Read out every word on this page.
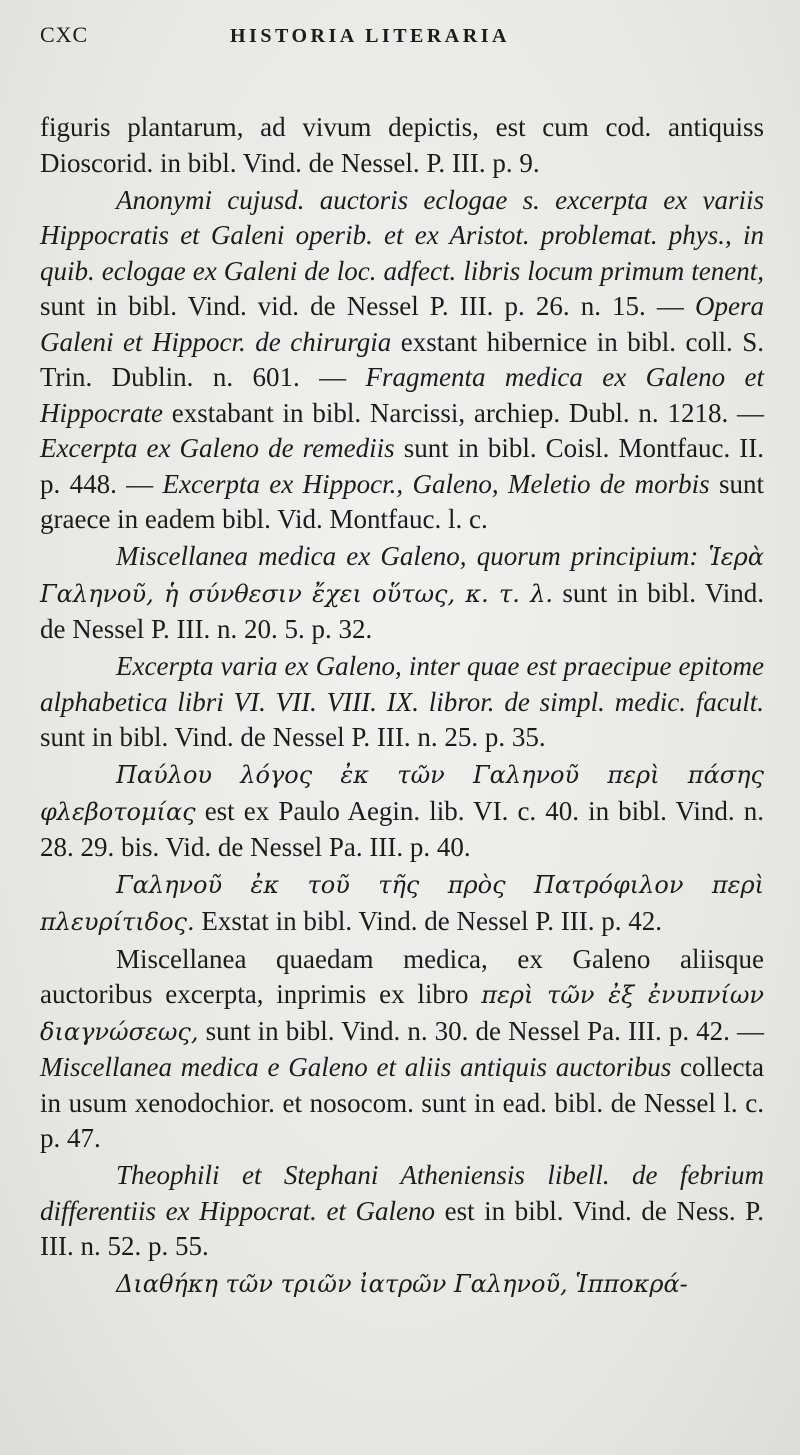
CXC	HISTORIA LITERARIA

figuris plantarum, ad vivum depictis, est cum cod. antiquiss Dioscorid. in bibl. Vind. de Nessel. P. III. p. 9.

Anonymi cujusd. auctoris eclogae s. excerpta ex variis Hippocratis et Galeni operib. et ex Aristot. problemat. phys., in quib. eclogae ex Galeni de loc. adfect. libris locum primum tenent, sunt in bibl. Vind. vid. de Nessel P. III. p. 26. n. 15. — Opera Galeni et Hippocr. de chirurgia exstant hibernice in bibl. coll. S. Trin. Dublin. n. 601. — Fragmenta medica ex Galeno et Hippocrate exstabant in bibl. Narcissi, archiep. Dubl. n. 1218. — Excerpta ex Galeno de remediis sunt in bibl. Coisl. Montfauc. II. p. 448. — Excerpta ex Hippocr., Galeno, Meletio de morbis sunt graece in eadem bibl. Vid. Montfauc. l. c.

Miscellanea medica ex Galeno, quorum principium: Ἱερὰ Γαληνοῦ, ἡ σύνθεσιν ἔχει οὕτως, κ. τ. λ. sunt in bibl. Vind. de Nessel P. III. n. 20. 5. p. 32.

Excerpta varia ex Galeno, inter quae est praecipue epitome alphabetica libri VI. VII. VIII. IX. libror. de simpl. medic. facult. sunt in bibl. Vind. de Nessel P. III. n. 25. p. 35.

Παύλου λόγος ἐκ τῶν Γαληνοῦ περὶ πάσης φλεβοτομίας est ex Paulo Aegin. lib. VI. c. 40. in bibl. Vind. n. 28. 29. bis. Vid. de Nessel Pa. III. p. 40.

Γαληνοῦ ἐκ τοῦ τῆς πρὸς Πατρόφιλον περὶ πλευρίτιδος. Exstat in bibl. Vind. de Nessel P. III. p. 42.

Miscellanea quaedam medica, ex Galeno aliisque auctoribus excerpta, inprimis ex libro περὶ τῶν ἐξ ἐνυπνίων διαγνώσεως, sunt in bibl. Vind. n. 30. de Nessel Pa. III. p. 42. — Miscellanea medica e Galeno et aliis antiquis auctoribus collecta in usum xenodochior. et nosocom. sunt in ead. bibl. de Nessel l. c. p. 47.

Theophili et Stephani Atheniensis libell. de febrium differentiis ex Hippocrat. et Galeno est in bibl. Vind. de Ness. P. III. n. 52. p. 55.

Διαθήκη τῶν τριῶν ἰατρῶν Γαληνοῦ, Ἱπποκρά-
